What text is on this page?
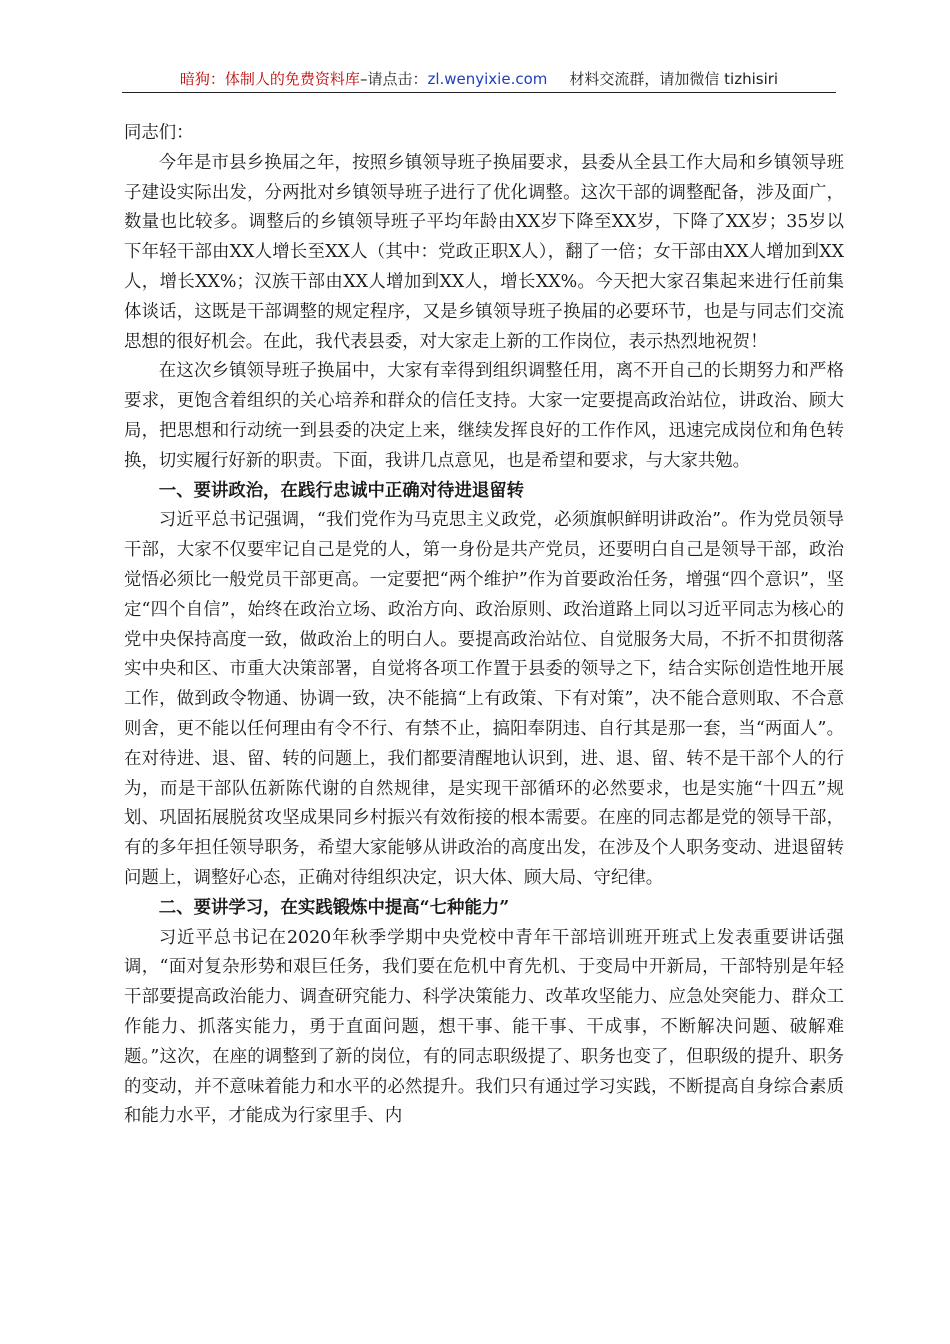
暗狗：体制人的免费资料库–请点击：zl.wenyixie.com 材料交流群，请加微信 tizhisiri

同志们：

今年是市县乡换届之年，按照乡镇领导班子换届要求，县委从全县工作大局和乡镇领导班子建设实际出发，分两批对乡镇领导班子进行了优化调整。这次干部的调整配备，涉及面广，数量也比较多。调整后的乡镇领导班子平均年龄由XX岁下降至XX岁，下降了XX岁；35岁以下年轻干部由XX人增长至XX人（其中：党政正职X人），翻了一倍；女干部由XX人增加到XX人，增长XX%；汉族干部由XX人增加到XX人，增长XX%。今天把大家召集起来进行任前集体谈话，这既是干部调整的规定程序，又是乡镇领导班子换届的必要环节，也是与同志们交流思想的很好机会。在此，我代表县委，对大家走上新的工作岗位，表示热烈地祝贺！

在这次乡镇领导班子换届中，大家有幸得到组织调整任用，离不开自己的长期努力和严格要求，更饱含着组织的关心培养和群众的信任支持。大家一定要提高政治站位，讲政治、顾大局，把思想和行动统一到县委的决定上来，继续发挥良好的工作作风，迅速完成岗位和角色转换，切实履行好新的职责。下面，我讲几点意见，也是希望和要求，与大家共勉。

一、要讲政治，在践行忠诚中正确对待进退留转

习近平总书记强调，“我们党作为马克思主义政党，必须旗帜鲜明讲政治”。作为党员领导干部，大家不仅要牢记自己是党的人，第一身份是共产党员，还要明白自己是领导干部，政治觉悟必须比一般党员干部更高。一定要把“两个维护”作为首要政治任务，增强“四个意识”，坚定“四个自信”，始终在政治立场、政治方向、政治原则、政治道路上同以习近平同志为核心的党中央保持高度一致，做政治上的明白人。要提高政治站位、自觉服务大局，不折不扣贯彻落实中央和区、市重大决策部署，自觉将各项工作置于县委的领导之下，结合实际创造性地开展工作，做到政令物通、协调一致，决不能搞“上有政策、下有对策”，决不能合意则取、不合意则舍，更不能以任何理由有令不行、有禁不止，搞阳奉阴违、自行其是那一套，当“两面人”。在对待进、退、留、转的问题上，我们都要清醒地认识到，进、退、留、转不是干部个人的行为，而是干部队伍新陈代谢的自然规律，是实现干部循环的必然要求，也是实施“十四五”规划、巩固拓展脱贫攻坚成果同乡村振兴有效衔接的根本需要。在座的同志都是党的领导干部，有的多年担任领导职务，希望大家能够从讲政治的高度出发，在涉及个人职务变动、进退留转问题上，调整好心态，正确对待组织决定，识大体、顾大局、守纪律。

二、要讲学习，在实践锻炼中提高“七种能力”

习近平总书记在2020年秋季学期中央党校中青年干部培训班开班式上发表重要讲话强调，“面对复杂形势和艰巨任务，我们要在危机中育先机、于变局中开新局，干部特别是年轻干部要提高政治能力、调查研究能力、科学决策能力、改革攻坚能力、应急处突能力、群众工作能力、抓落实能力，勇于直面问题，想干事、能干事、干成事，不断解决问题、破解难题。”这次，在座的调整到了新的岗位，有的同志职级提了、职务也变了，但职级的提升、职务的变动，并不意味着能力和水平的必然提升。我们只有通过学习实践，不断提高自身综合素质和能力水平，才能成为行家里手、内
